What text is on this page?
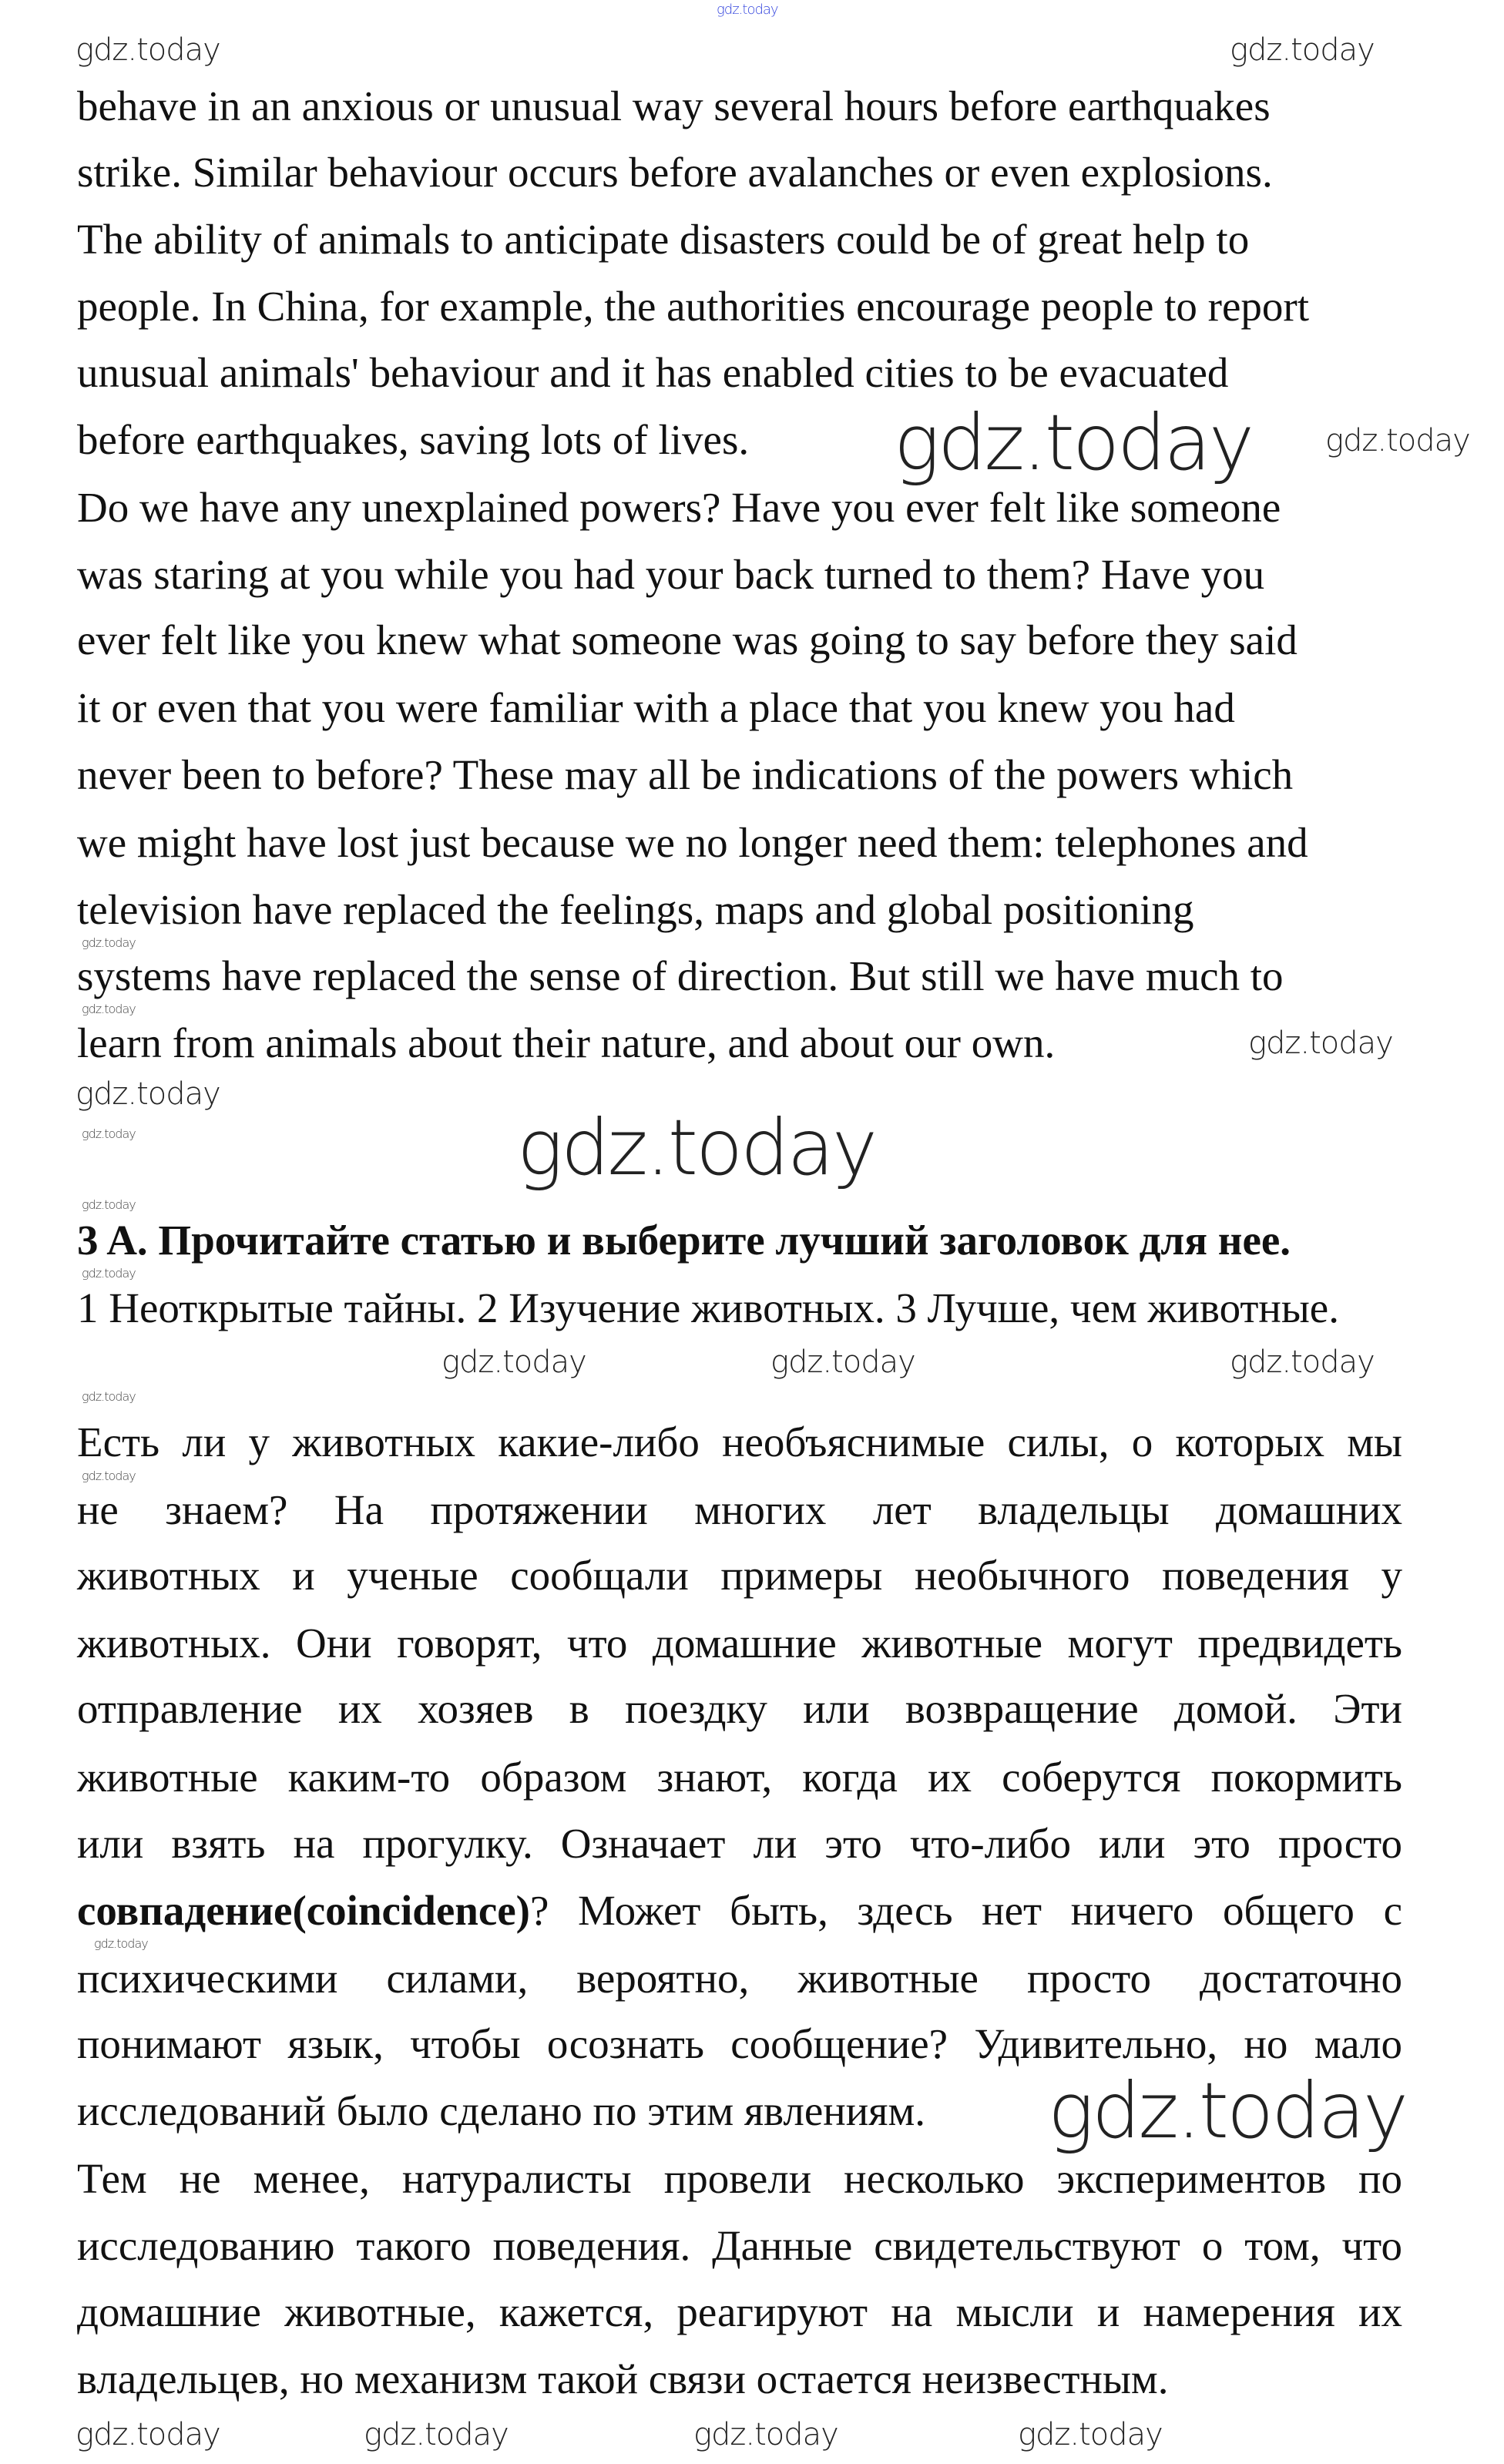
gdz.today
behave in an anxious or unusual way several hours before earthquakes
strike. Similar behaviour occurs before avalanches or even explosions.
The ability of animals to anticipate disasters could be of great help to
people. In China, for example, the authorities encourage people to report
unusual animals' behaviour and it has enabled cities to be evacuated
before earthquakes, saving lots of lives.
Do we have any unexplained powers? Have you ever felt like someone
was staring at you while you had your back turned to them? Have you
ever felt like you knew what someone was going to say before they said
it or even that you were familiar with a place that you knew you had
never been to before? These may all be indications of the powers which
we might have lost just because we no longer need them: telephones and
television have replaced the feelings, maps and global positioning
systems have replaced the sense of direction. But still we have much to
learn from animals about their nature, and about our own.
3 A. Прочитайте статью и выберите лучший заголовок для нее.
1 Неоткрытые тайны. 2 Изучение животных. 3 Лучше, чем животные.
Есть ли у животных какие-либо необъяснимые силы, о которых мы
не знаем? На протяжении многих лет владельцы домашних
животных и ученые сообщали примеры необычного поведения у
животных. Они говорят, что домашние животные могут предвидеть
отправление их хозяев в поездку или возвращение домой. Эти
животные каким-то образом знают, когда их соберутся покормить
или взять на прогулку. Означает ли это что-либо или это просто
совпадение(coincidence)? Может быть, здесь нет ничего общего с
психическими силами, вероятно, животные просто достаточно
понимают язык, чтобы осознать сообщение? Удивительно, но мало
исследований было сделано по этим явлениям.
Тем не менее, натуралисты провели несколько экспериментов по
исследованию такого поведения. Данные свидетельствуют о том, что
домашние животные, кажется, реагируют на мысли и намерения их
владельцев, но механизм такой связи остается неизвестным.
gdz.today	gdz.today
gdz.today
gdz.today
gdz.today
gdz.today	gdz.today	gdz.today
gdz.today	gdz.today	gdz.today	gdz.today
gdz.today
gdz.today
gdz.today
gdz.today
gdz.today
gdz.today
gdz.today
gdz.today
gdz.today
gdz.today
gdz.today
